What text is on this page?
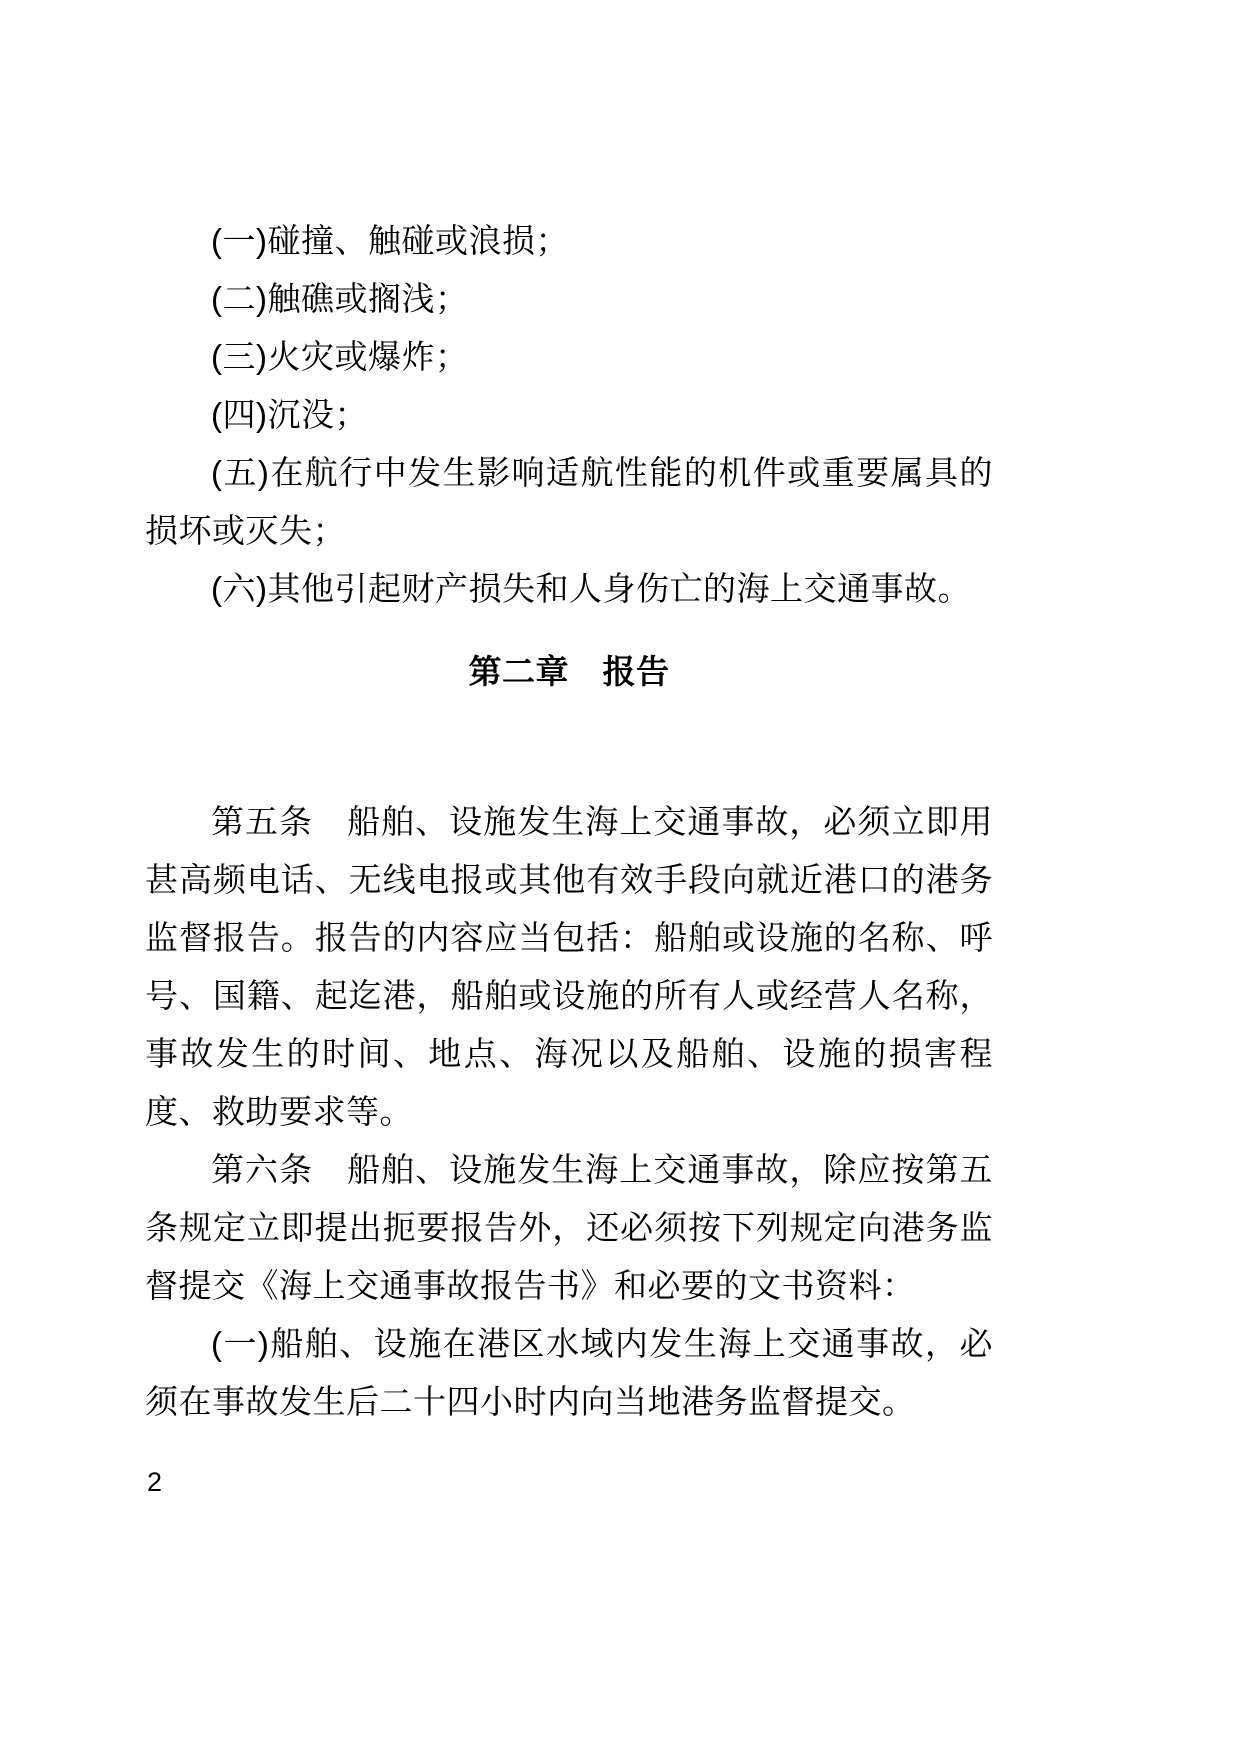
(一)碰撞、触碰或浪损；

(二)触礁或搁浅；

(三)火灾或爆炸；

(四)沉没；

(五)在航行中发生影响适航性能的机件或重要属具的损坏或灭失；

(六)其他引起财产损失和人身伤亡的海上交通事故。

第二章　报告

第五条　船舶、设施发生海上交通事故，必须立即用甚高频电话、无线电报或其他有效手段向就近港口的港务监督报告。报告的内容应当包括：船舶或设施的名称、呼号、国籍、起迄港，船舶或设施的所有人或经营人名称，事故发生的时间、地点、海况以及船舶、设施的损害程度、救助要求等。

第六条　船舶、设施发生海上交通事故，除应按第五条规定立即提出扼要报告外，还必须按下列规定向港务监督提交《海上交通事故报告书》和必要的文书资料：

(一)船舶、设施在港区水域内发生海上交通事故，必须在事故发生后二十四小时内向当地港务监督提交。

2
